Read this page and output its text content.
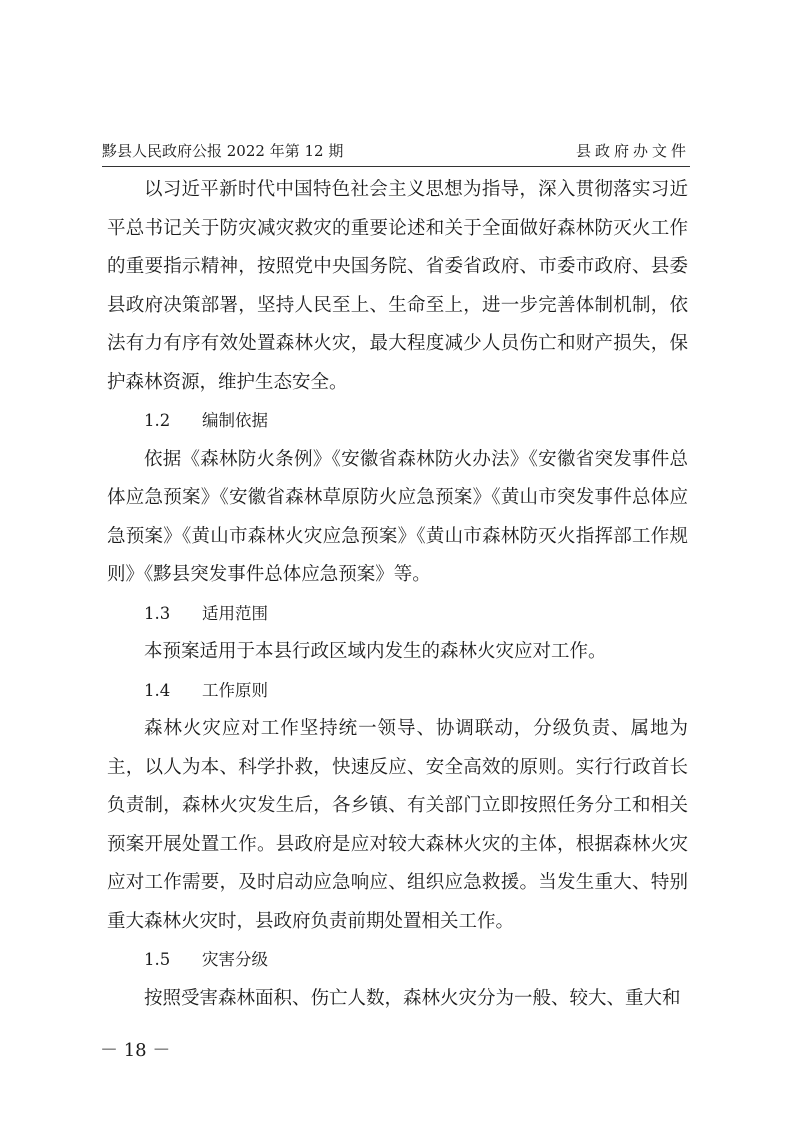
黟县人民政府公报 2022 年第 12 期	县政府办文件

以习近平新时代中国特色社会主义思想为指导，深入贯彻落实习近平总书记关于防灾减灾救灾的重要论述和关于全面做好森林防灭火工作的重要指示精神，按照党中央国务院、省委省政府、市委市政府、县委县政府决策部署，坚持人民至上、生命至上，进一步完善体制机制，依法有力有序有效处置森林火灾，最大程度减少人员伤亡和财产损失，保护森林资源，维护生态安全。

1.2 编制依据

依据《森林防火条例》《安徽省森林防火办法》《安徽省突发事件总体应急预案》《安徽省森林草原防火应急预案》《黄山市突发事件总体应急预案》《黄山市森林火灾应急预案》《黄山市森林防灭火指挥部工作规则》《黟县突发事件总体应急预案》等。

1.3 适用范围

本预案适用于本县行政区域内发生的森林火灾应对工作。

1.4 工作原则

森林火灾应对工作坚持统一领导、协调联动，分级负责、属地为主，以人为本、科学扑救，快速反应、安全高效的原则。实行行政首长负责制，森林火灾发生后，各乡镇、有关部门立即按照任务分工和相关预案开展处置工作。县政府是应对较大森林火灾的主体，根据森林火灾应对工作需要，及时启动应急响应、组织应急救援。当发生重大、特别重大森林火灾时，县政府负责前期处置相关工作。

1.5 灾害分级

按照受害森林面积、伤亡人数，森林火灾分为一般、较大、重大和

－ 18 －
